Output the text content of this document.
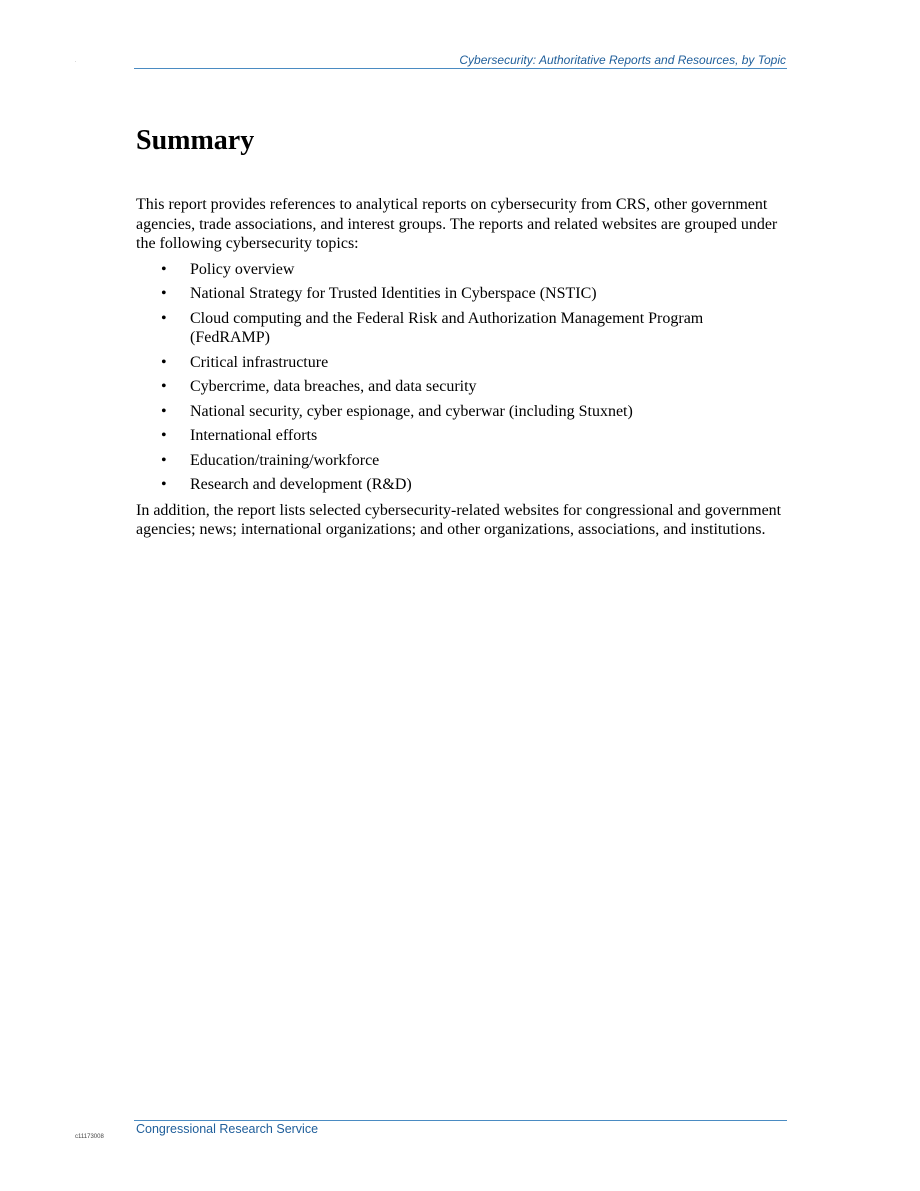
.	Cybersecurity: Authoritative Reports and Resources, by Topic
Summary

This report provides references to analytical reports on cybersecurity from CRS, other government agencies, trade associations, and interest groups. The reports and related websites are grouped under the following cybersecurity topics:

• Policy overview
• National Strategy for Trusted Identities in Cyberspace (NSTIC)
• Cloud computing and the Federal Risk and Authorization Management Program (FedRAMP)
• Critical infrastructure
• Cybercrime, data breaches, and data security
• National security, cyber espionage, and cyberwar (including Stuxnet)
• International efforts
• Education/training/workforce
• Research and development (R&D)

In addition, the report lists selected cybersecurity-related websites for congressional and government agencies; news; international organizations; and other organizations, associations, and institutions.

Congressional Research Service
c11173008
